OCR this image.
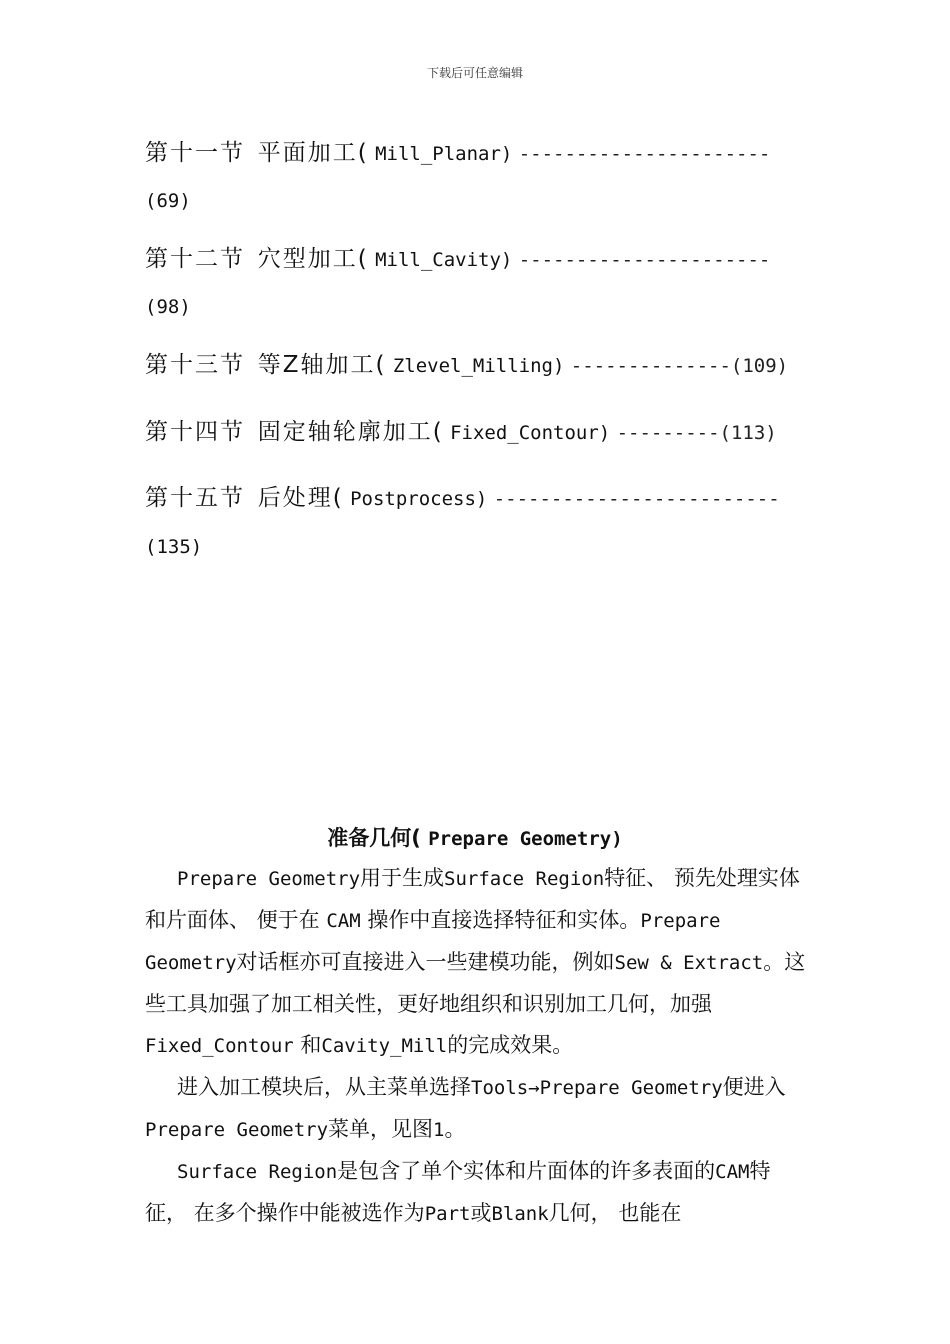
下载后可任意编辑
第十一节 平面加工( Mill_Planar) ----------------------
(69)
第十二节 穴型加工( Mill_Cavity) ----------------------
(98)
第十三节 等Z轴加工( Zlevel_Milling) --------------(109)
第十四节 固定轴轮廓加工( Fixed_Contour) ---------(113)
第十五节 后处理( Postprocess) -------------------------
(135)
准备几何( Prepare Geometry)

Prepare Geometry用于生成Surface Region特征、 预先处理实体和片面体、 便于在 CAM 操作中直接选择特征和实体。Prepare Geometry对话框亦可直接进入一些建模功能，例如Sew & Extract。这些工具加强了加工相关性，更好地组织和识别加工几何，加强Fixed_Contour 和Cavity_Mill的完成效果。

进入加工模块后，从主菜单选择Tools→Prepare Geometry便进入Prepare Geometry菜单，见图1。

Surface Region是包含了单个实体和片面体的许多表面的CAM特征， 在多个操作中能被选作为Part或Blank几何， 也能在
